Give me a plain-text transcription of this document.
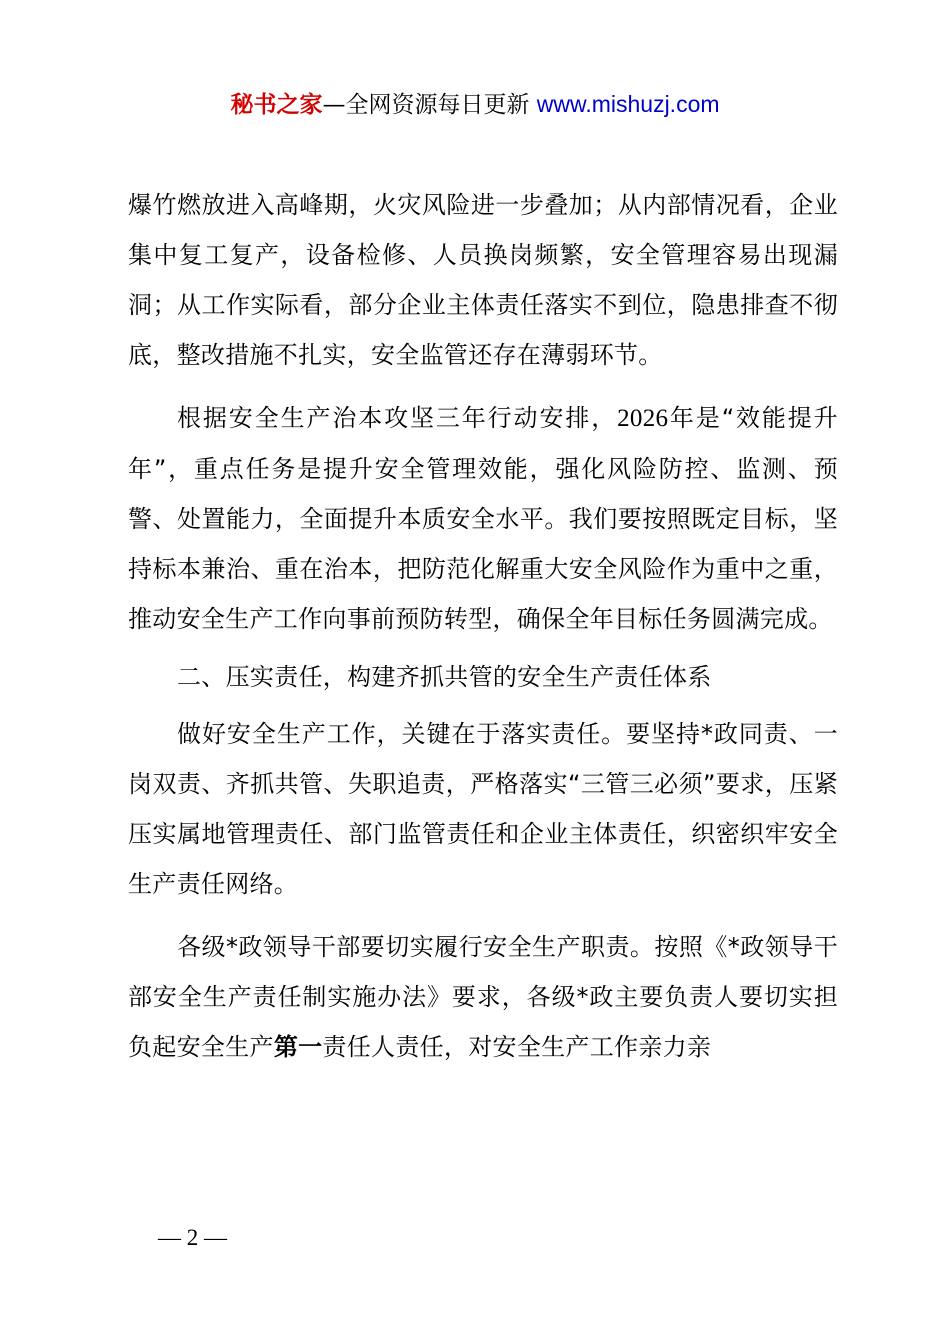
秘书之家—全网资源每日更新 www.mishuzj.com

爆竹燃放进入高峰期，火灾风险进一步叠加；从内部情况看，企业集中复工复产，设备检修、人员换岗频繁，安全管理容易出现漏洞；从工作实际看，部分企业主体责任落实不到位，隐患排查不彻底，整改措施不扎实，安全监管还存在薄弱环节。

根据安全生产治本攻坚三年行动安排，2026年是“效能提升年”，重点任务是提升安全管理效能，强化风险防控、监测、预警、处置能力，全面提升本质安全水平。我们要按照既定目标，坚持标本兼治、重在治本，把防范化解重大安全风险作为重中之重，推动安全生产工作向事前预防转型，确保全年目标任务圆满完成。

二、压实责任，构建齐抓共管的安全生产责任体系

做好安全生产工作，关键在于落实责任。要坚持*政同责、一岗双责、齐抓共管、失职追责，严格落实“三管三必须”要求，压紧压实属地管理责任、部门监管责任和企业主体责任，织密织牢安全生产责任网络。

各级*政领导干部要切实履行安全生产职责。按照《*政领导干部安全生产责任制实施办法》要求，各级*政主要负责人要切实担负起安全生产第一责任人责任，对安全生产工作亲力亲

— 2 —
